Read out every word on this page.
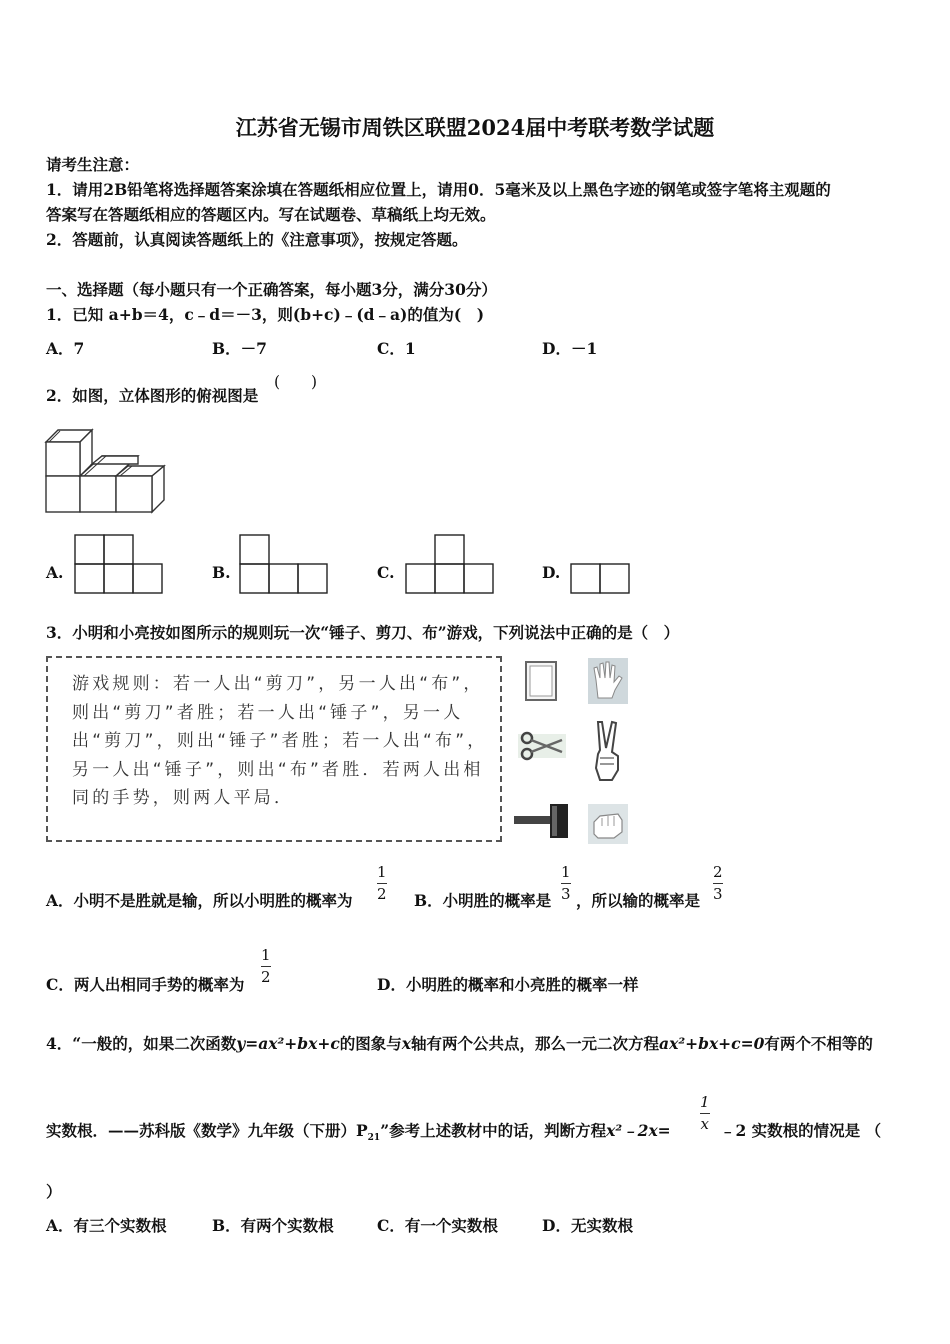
江苏省无锡市周铁区联盟2024届中考联考数学试题
请考生注意：
1．请用2B铅笔将选择题答案涂填在答题纸相应位置上，请用0．5毫米及以上黑色字迹的钢笔或签字笔将主观题的
答案写在答题纸相应的答题区内。写在试题卷、草稿纸上均无效。
2．答题前，认真阅读答题纸上的《注意事项》，按规定答题。
一、选择题（每小题只有一个正确答案，每小题3分，满分30分）
1．已知 a+b＝4，c﹣d＝－3，则(b+c)﹣(d﹣a)的值为(　)
A．7	B．－7	C．1	D．－1
2．如图，立体图形的俯视图是
(　　)
A.	B.	C.	D.
3．小明和小亮按如图所示的规则玩一次“锤子、剪刀、布”游戏，下列说法中正确的是（　）
游戏规则：若一人出“剪刀”，另一人出“布”，则出“剪刀”者胜；若一人出“锤子”，另一人出“剪刀”，则出“锤子”者胜；若一人出“布”，另一人出“锤子”，则出“布”者胜．若两人出相同的手势，则两人平局．
A．小明不是胜就是输，所以小明胜的概率为
1
2 B．小明胜的概率是
1
3 ，所以输的概率是
2
3
C．两人出相同手势的概率为
1
2	D．小明胜的概率和小亮胜的概率一样
4．“一般的，如果二次函数y=ax²+bx+c的图象与x轴有两个公共点，那么一元二次方程ax²+bx+c=0有两个不相等的
实数根．——苏科版《数学》九年级（下册）$P_{21}$”参考上述教材中的话，判断方程x²﹣2x=
1
x ﹣2 实数根的情况是 （
）
A．有三个实数根	B．有两个实数根	C．有一个实数根	D．无实数根
